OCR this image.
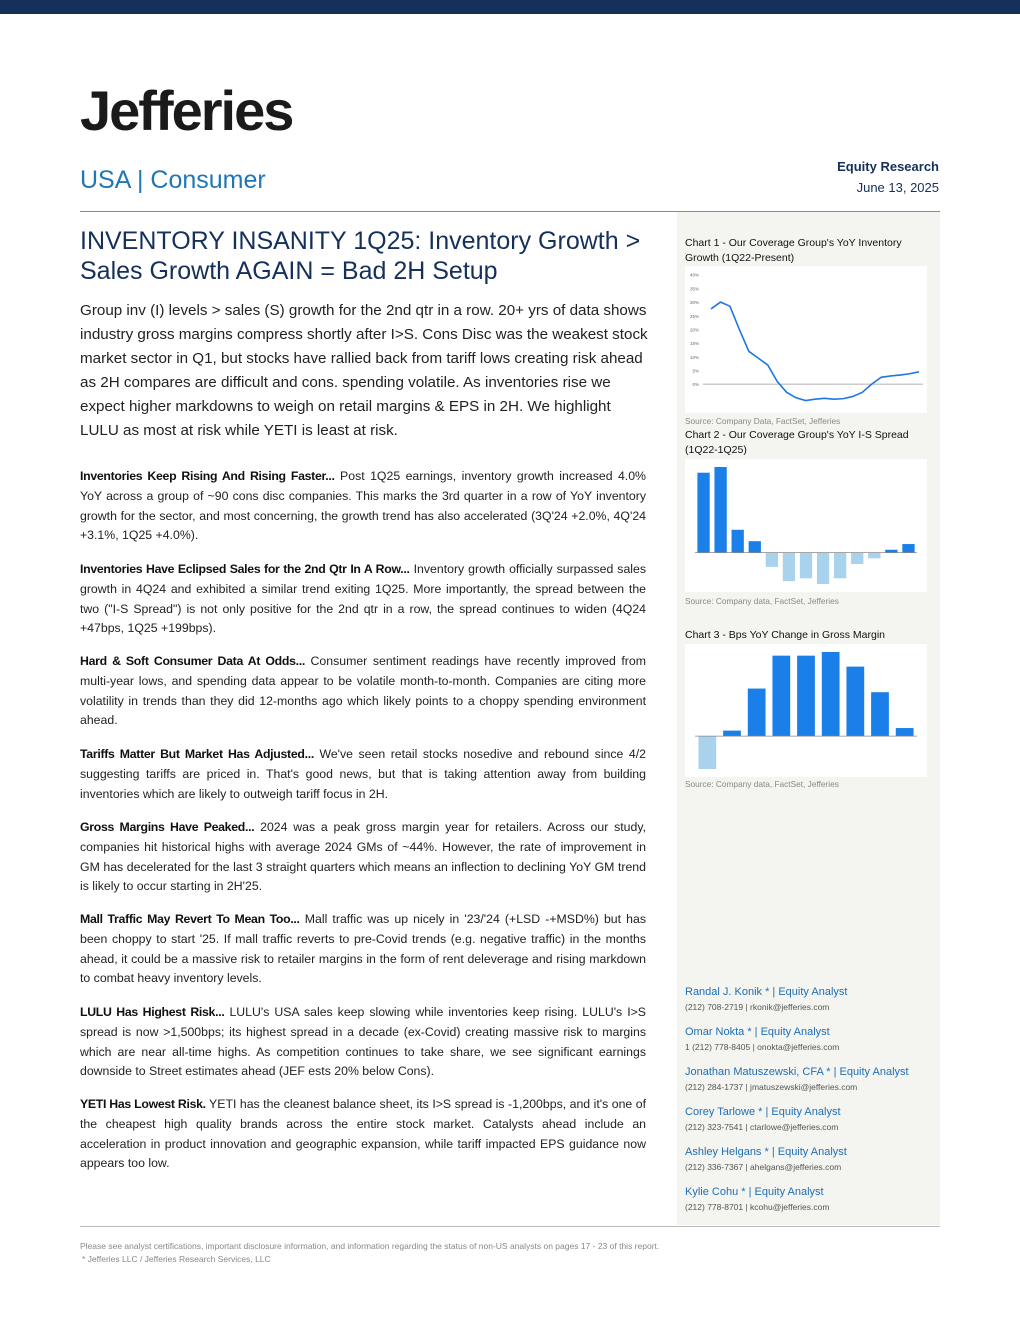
Jefferies
USA | Consumer	Equity Research
June 13, 2025
INVENTORY INSANITY 1Q25: Inventory Growth > Sales Growth AGAIN = Bad 2H Setup
Group inv (I) levels > sales (S) growth for the 2nd qtr in a row. 20+ yrs of data shows industry gross margins compress shortly after I>S. Cons Disc was the weakest stock market sector in Q1, but stocks have rallied back from tariff lows creating risk ahead as 2H compares are difficult and cons. spending volatile. As inventories rise we expect higher markdowns to weigh on retail margins & EPS in 2H. We highlight LULU as most at risk while YETI is least at risk.
Inventories Keep Rising And Rising Faster... Post 1Q25 earnings, inventory growth increased 4.0% YoY across a group of ~90 cons disc companies. This marks the 3rd quarter in a row of YoY inventory growth for the sector, and most concerning, the growth trend has also accelerated (3Q'24 +2.0%, 4Q'24 +3.1%, 1Q25 +4.0%).
Inventories Have Eclipsed Sales for the 2nd Qtr In A Row... Inventory growth officially surpassed sales growth in 4Q24 and exhibited a similar trend exiting 1Q25. More importantly, the spread between the two ("I-S Spread") is not only positive for the 2nd qtr in a row, the spread continues to widen (4Q24 +47bps, 1Q25 +199bps).
Hard & Soft Consumer Data At Odds... Consumer sentiment readings have recently improved from multi-year lows, and spending data appear to be volatile month-to-month. Companies are citing more volatility in trends than they did 12-months ago which likely points to a choppy spending environment ahead.
Tariffs Matter But Market Has Adjusted... We've seen retail stocks nosedive and rebound since 4/2 suggesting tariffs are priced in. That's good news, but that is taking attention away from building inventories which are likely to outweigh tariff focus in 2H.
Gross Margins Have Peaked... 2024 was a peak gross margin year for retailers. Across our study, companies hit historical highs with average 2024 GMs of ~44%. However, the rate of improvement in GM has decelerated for the last 3 straight quarters which means an inflection to declining YoY GM trend is likely to occur starting in 2H'25.
Mall Traffic May Revert To Mean Too... Mall traffic was up nicely in '23/'24 (+LSD -+MSD%) but has been choppy to start '25. If mall traffic reverts to pre-Covid trends (e.g. negative traffic) in the months ahead, it could be a massive risk to retailer margins in the form of rent deleverage and rising markdown to combat heavy inventory levels.
LULU Has Highest Risk... LULU's USA sales keep slowing while inventories keep rising. LULU's I>S spread is now >1,500bps; its highest spread in a decade (ex-Covid) creating massive risk to margins which are near all-time highs. As competition continues to take share, we see significant earnings downside to Street estimates ahead (JEF ests 20% below Cons).
YETI Has Lowest Risk. YETI has the cleanest balance sheet, its I>S spread is -1,200bps, and it's one of the cheapest high quality brands across the entire stock market. Catalysts ahead include an acceleration in product innovation and geographic expansion, while tariff impacted EPS guidance now appears too low.
Chart 1 - Our Coverage Group's YoY Inventory Growth (1Q22-Present)
40%
35%
30%
25%
20%
15%
10%
5%
0%
Source: Company Data, FactSet, Jefferies
Chart 2 - Our Coverage Group's YoY I-S Spread (1Q22-1Q25)
Source: Company data, FactSet, Jefferies
Chart 3 - Bps YoY Change in Gross Margin
Source: Company data, FactSet, Jefferies
Randal J. Konik * | Equity Analyst
(212) 708-2719 | rkonik@jefferies.com
Omar Nokta * | Equity Analyst
1 (212) 778-8405 | onokta@jefferies.com
Jonathan Matuszewski, CFA * | Equity Analyst
(212) 284-1737 | jmatuszewski@jefferies.com
Corey Tarlowe * | Equity Analyst
(212) 323-7541 | ctarlowe@jefferies.com
Ashley Helgans * | Equity Analyst
(212) 336-7367 | ahelgans@jefferies.com
Kylie Cohu * | Equity Analyst
(212) 778-8701 | kcohu@jefferies.com
Please see analyst certifications, important disclosure information, and information regarding the status of non-US analysts on pages 17 - 23 of this report.
* Jefferies LLC / Jefferies Research Services, LLC
